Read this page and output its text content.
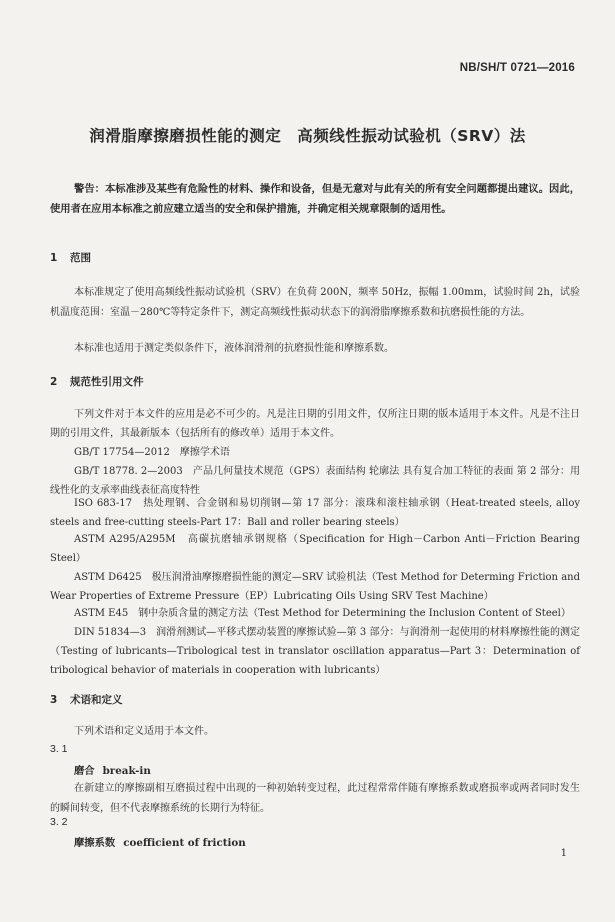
NB/SH/T 0721—2016
润滑脂摩擦磨损性能的测定　高频线性振动试验机（SRV）法
警告：本标准涉及某些有危险性的材料、操作和设备，但是无意对与此有关的所有安全问题都提出建议。因此，使用者在应用本标准之前应建立适当的安全和保护措施，并确定相关规章限制的适用性。
1 范围
本标准规定了使用高频线性振动试验机（SRV）在负荷 200N，频率 50Hz，振幅 1.00mm，试验时间 2h，试验机温度范围：室温－280℃等特定条件下，测定高频线性振动状态下的润滑脂摩擦系数和抗磨损性能的方法。
本标准也适用于测定类似条件下，液体润滑剂的抗磨损性能和摩擦系数。
2 规范性引用文件
下列文件对于本文件的应用是必不可少的。凡是注日期的引用文件，仅所注日期的版本适用于本文件。凡是不注日期的引用文件，其最新版本（包括所有的修改单）适用于本文件。
GB/T 17754—2012　摩擦学术语
GB/T 18778. 2—2003　产品几何量技术规范（GPS）表面结构 轮廓法 具有复合加工特征的表面 第 2 部分：用线性化的支承率曲线表征高度特性
ISO 683-17　热处理钢、合金钢和易切削钢—第 17 部分：滚珠和滚柱轴承钢（Heat-treated steels, alloy steels and free-cutting steels-Part 17：Ball and roller bearing steels）
ASTM A295/A295M　高碳抗磨轴承钢规格（Specification for High－Carbon Anti－Friction Bearing Steel）
ASTM D6425　极压润滑油摩擦磨损性能的测定—SRV 试验机法（Test Method for Determing Friction and Wear Properties of Extreme Pressure（EP）Lubricating Oils Using SRV Test Machine）
ASTM E45　钢中杂质含量的测定方法（Test Method for Determining the Inclusion Content of Steel）
DIN 51834—3　润滑剂测试—平移式摆动装置的摩擦试验—第 3 部分：与润滑剂一起使用的材料摩擦性能的测定（Testing of lubricants—Tribological test in translator oscillation apparatus—Part 3：Determination of tribological behavior of materials in cooperation with lubricants）
3 术语和定义
下列术语和定义适用于本文件。
3. 1
磨合 break-in
在新建立的摩擦副相互磨损过程中出现的一种初始转变过程，此过程常常伴随有摩擦系数或磨损率或两者同时发生的瞬间转变，但不代表摩擦系统的长期行为特征。
3. 2
摩擦系数 coefficient of friction
1
